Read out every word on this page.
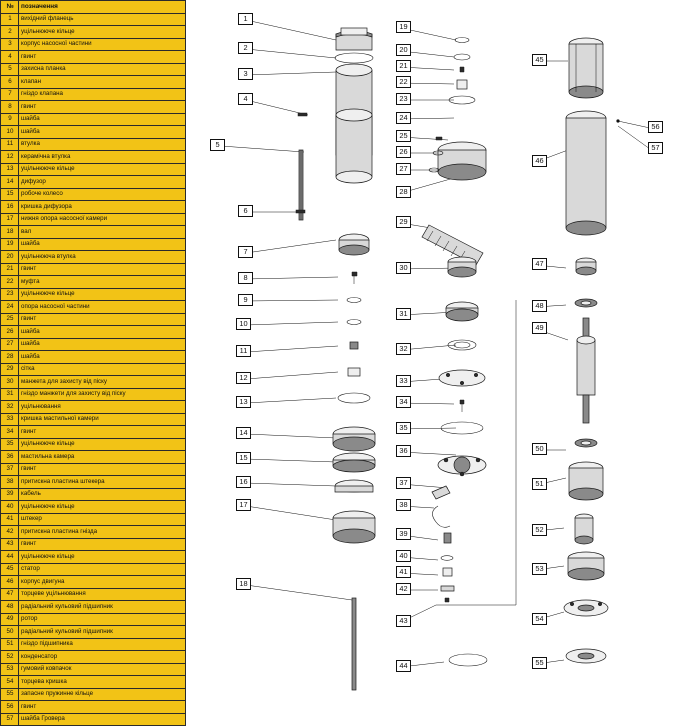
№	позначення
1	вихідний фланець
2	уцільнююче кільце
3	корпус насосної частини
4	гвинт
5	захисна планка
6	клапан
7	гніздо клапана
8	гвинт
9	шайба
10	шайба
11	втулка
12	керамічна втулка
13	уцільнююче кільце
14	дифузор
15	робоче колесо
16	кришка дифузора
17	нижня опора насосної камери
18	вал
19	шайба
20	уцільнююча втулка
21	гвинт
22	муфта
23	уцільнююче кільце
24	опора насосної частини
25	гвинт
26	шайба
27	шайба
28	шайба
29	сітка
30	манжета для захисту від піску
31	гніздо манжети для захисту від піску
32	уцільнювання
33	кришка мастильної камери
34	гвинт
35	уцільнююче кільце
36	мастильна камера
37	гвинт
38	притискна пластина штекера
39	кабель
40	уцільнююче кільце
41	штекер
42	притискна пластина гнізда
43	гвинт
44	уцільнююче кільце
45	статор
46	корпус двигуна
47	торцеве уцільнювання
48	радіальний кульовий підшипник
49	ротор
50	радіальний кульовий підшипник
51	гніздо підшипника
52	конденсатор
53	гумовий ковпачок
54	торцева кришка
55	запасне пружинне кільце
56	гвинт
57	шайба Гровера
1
2
3
4
5
6
7
8
9
10
11
12
13
14
15
16
17
18
19
20
21
22
23
24
25
26
27
28
29
30
31
32
33
34
35
36
37
38
39
40
41
42
43
44
45
46
47
48
49
50
51
52
53
54
55
56
57
